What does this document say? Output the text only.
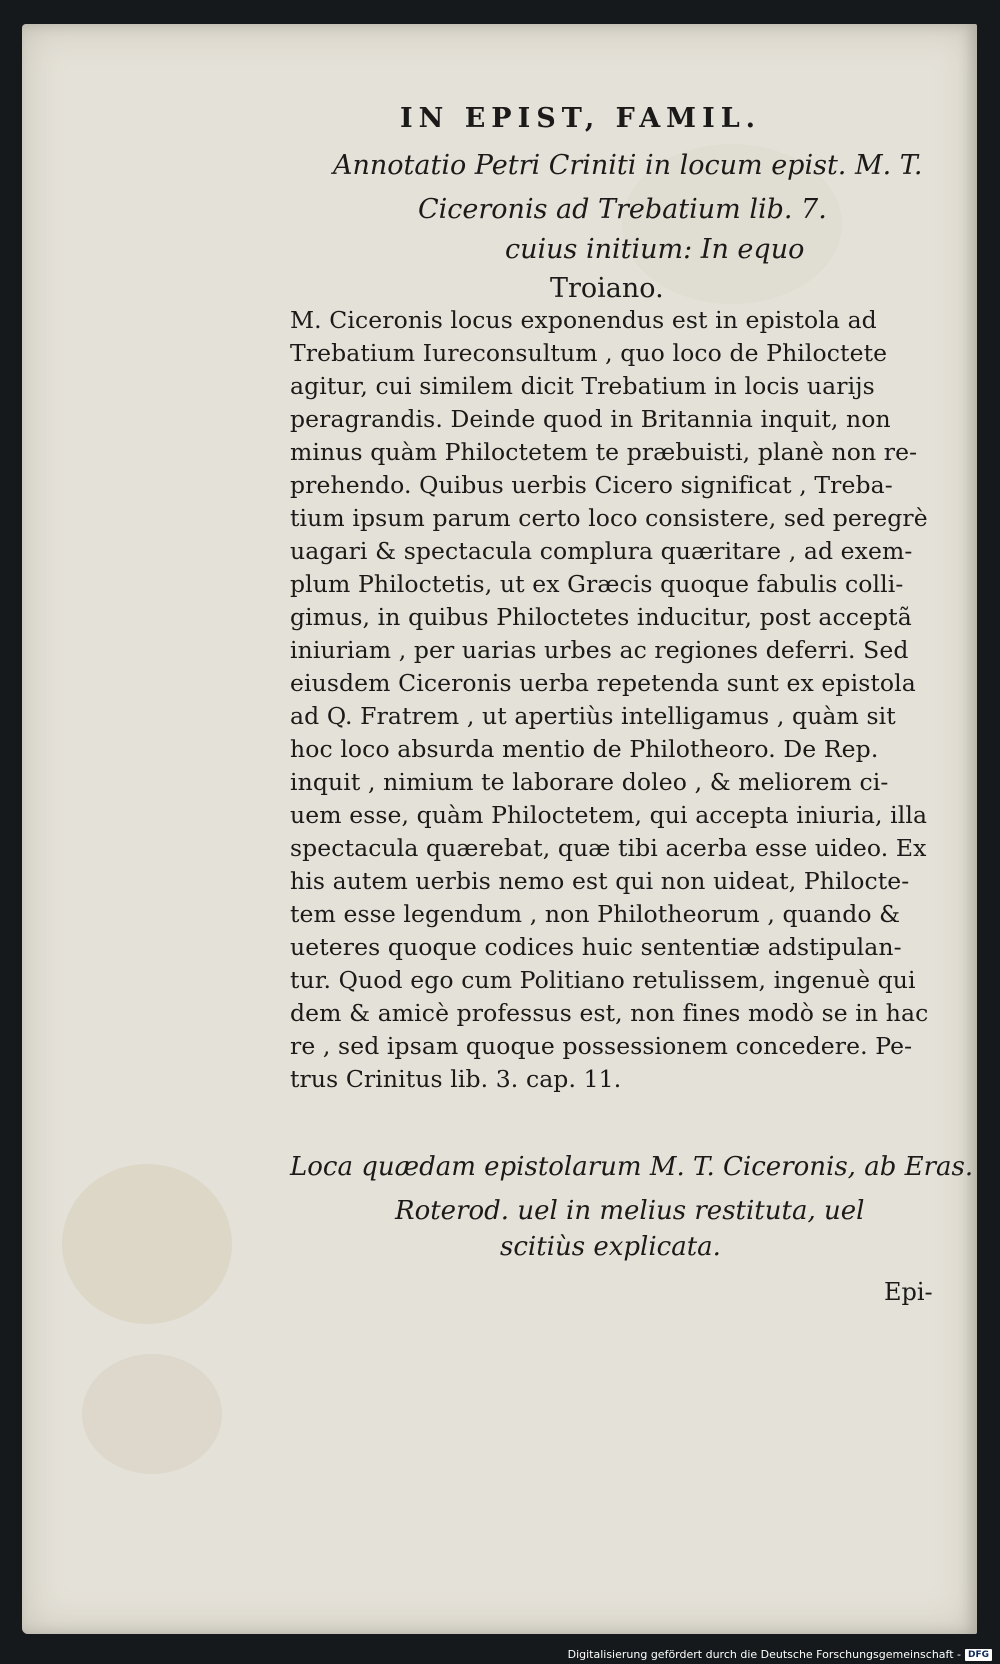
IN EPIST, FAMIL.
Annotatio Petri Criniti in locum epist. M. T.
Ciceronis ad Trebatium lib. 7.
cuius initium: In equo
Troiano.
M. Ciceronis locus exponendus est in epistola ad
Trebatium Iureconsultum , quo loco de Philoctete
agitur, cui similem dicit Trebatium in locis uarijs
peragrandis. Deinde quod in Britannia inquit, non
minus quàm Philoctetem te præbuisti, planè non re-
prehendo. Quibus uerbis Cicero significat , Treba-
tium ipsum parum certo loco consistere, sed peregrè
uagari & spectacula complura quæritare , ad exem-
plum Philoctetis, ut ex Græcis quoque fabulis colli-
gimus, in quibus Philoctetes inducitur, post acceptã
iniuriam , per uarias urbes ac regiones deferri. Sed
eiusdem Ciceronis uerba repetenda sunt ex epistola
ad Q. Fratrem , ut apertiùs intelligamus , quàm sit
hoc loco absurda mentio de Philotheoro. De Rep.
inquit , nimium te laborare doleo , & meliorem ci-
uem esse, quàm Philoctetem, qui accepta iniuria, illa
spectacula quærebat, quæ tibi acerba esse uideo. Ex
his autem uerbis nemo est qui non uideat, Philocte-
tem esse legendum , non Philotheorum , quando &
ueteres quoque codices huic sententiæ adstipulan-
tur. Quod ego cum Politiano retulissem, ingenuè qui
dem & amicè professus est, non fines modò se in hac
re , sed ipsam quoque possessionem concedere. Pe-
trus Crinitus lib. 3. cap. 11.
Loca quædam epistolarum M. T. Ciceronis, ab Eras.
Roterod. uel in melius restituta, uel
scitiùs explicata.
Epi-
Digitalisierung gefördert durch die Deutsche Forschungsgemeinschaft - DFG
